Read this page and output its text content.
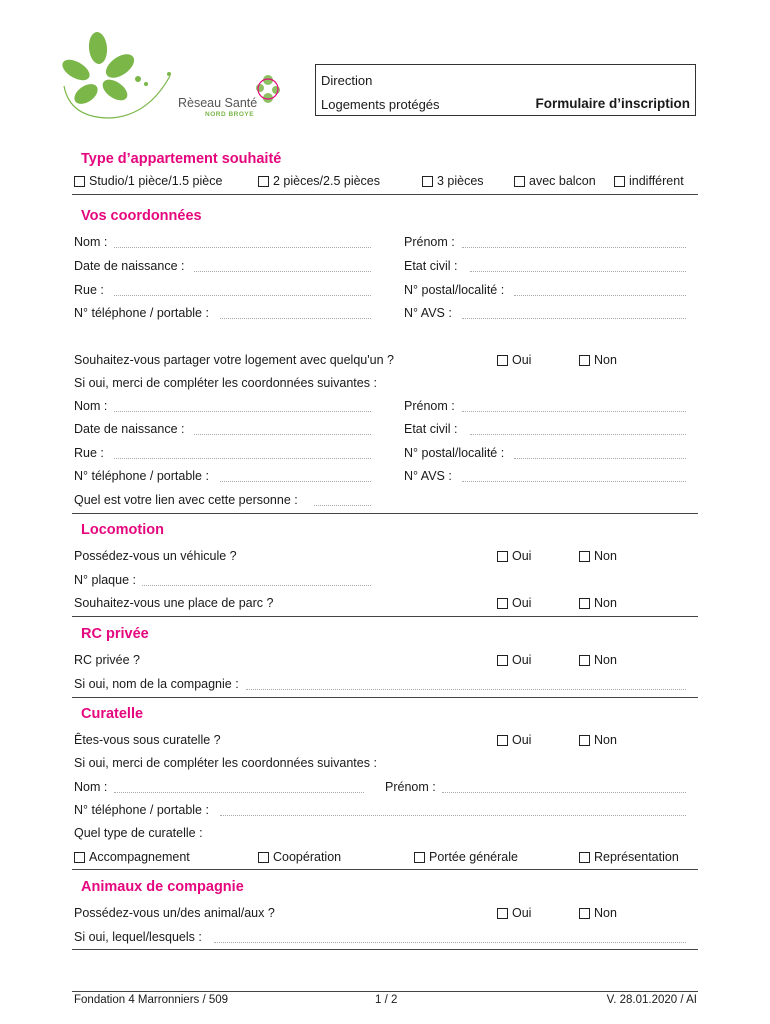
Rèseau Santé
NORD BROYE
Direction
Logements protégés	Formulaire d’inscription
Type d’appartement souhaité
Studio/1 pièce/1.5 pièce	2 pièces/2.5 pièces	3 pièces	avec balcon	indifférent
Vos coordonnées
Nom :	Prénom :
Date de naissance :	Etat civil :
Rue :	N° postal/localité :
N° téléphone / portable :	N° AVS :
Souhaitez-vous partager votre logement avec quelqu'un ?	Oui	Non
Si oui, merci de compléter les coordonnées suivantes :
Nom :	Prénom :
Date de naissance :	Etat civil :
Rue :	N° postal/localité :
N° téléphone / portable :	N° AVS :
Quel est votre lien avec cette personne :
Locomotion
Possédez-vous un véhicule ?	Oui	Non
N° plaque :
Souhaitez-vous une place de parc ?	Oui	Non
RC privée
RC privée ?	Oui	Non
Si oui, nom de la compagnie :
Curatelle
Êtes-vous sous curatelle ?	Oui	Non
Si oui, merci de compléter les coordonnées suivantes :
Nom :	Prénom :
N° téléphone / portable :
Quel type de curatelle :
Accompagnement	Coopération	Portée générale	Représentation
Animaux de compagnie
Possédez-vous un/des animal/aux ?	Oui	Non
Si oui, lequel/lesquels :
Fondation 4 Marronniers / 509	1 / 2	V. 28.01.2020 / AI
